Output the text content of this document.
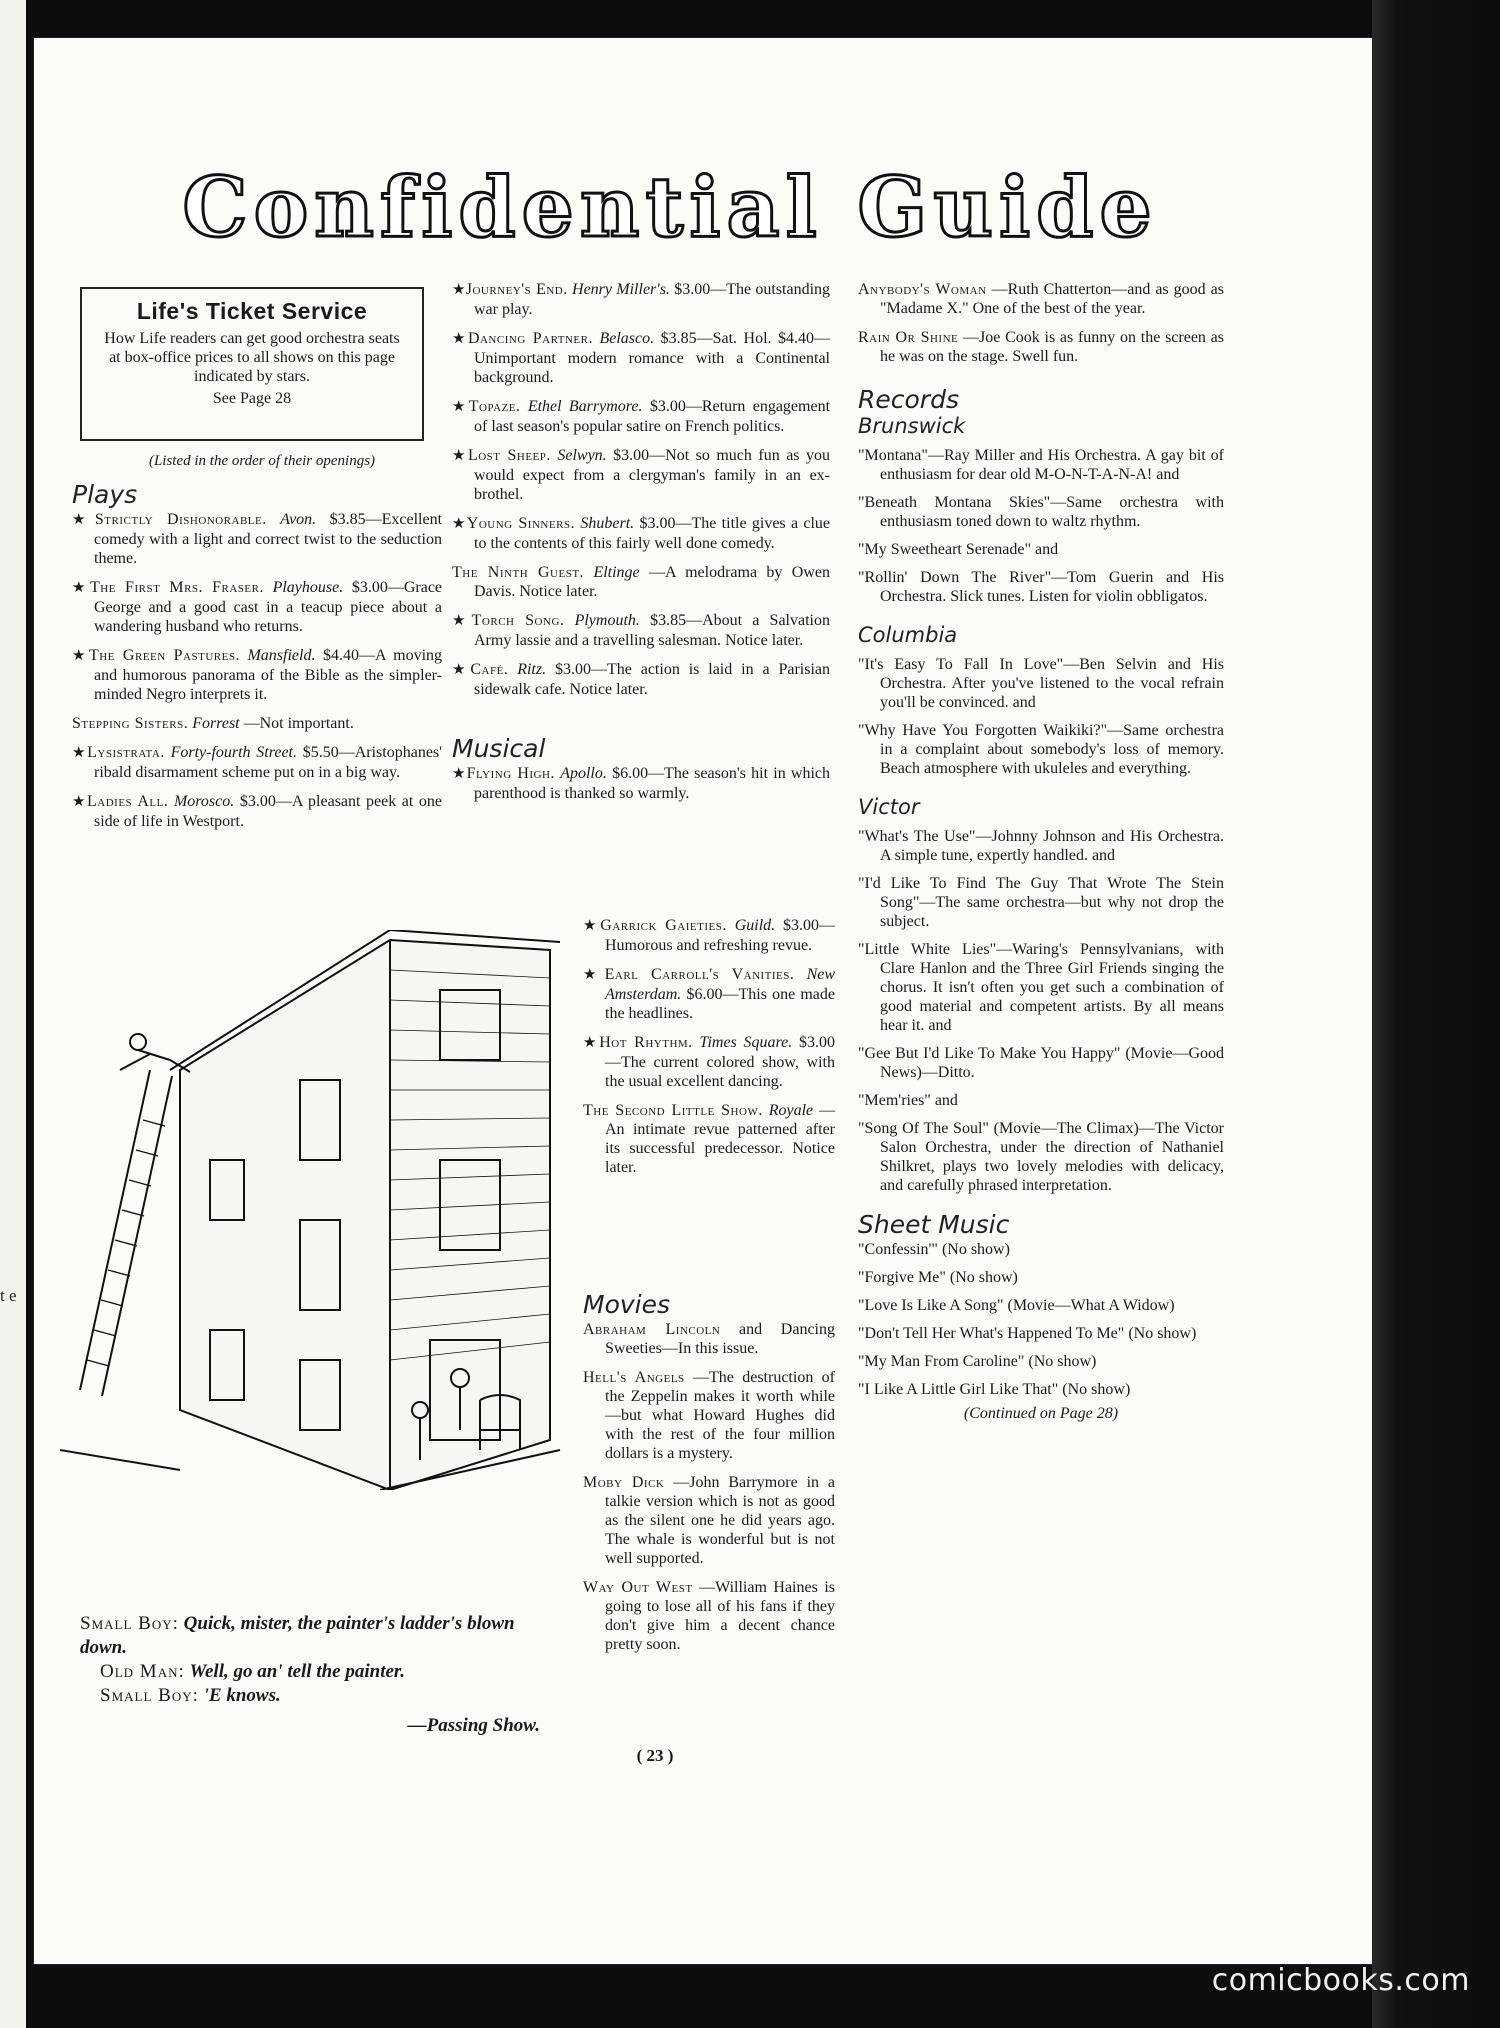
t e
Confidential Guide
Life's Ticket Service
How Life readers can get good orchestra seats at box-office prices to all shows on this page indicated by stars.
See Page 28
(Listed in the order of their openings)
Plays
★Strictly Dishonorable. Avon. $3.85—Excellent comedy with a light and correct twist to the seduction theme.
★The First Mrs. Fraser. Playhouse. $3.00—Grace George and a good cast in a teacup piece about a wandering husband who returns.
★The Green Pastures. Mansfield. $4.40—A moving and humorous panorama of the Bible as the simpler-minded Negro interprets it.
Stepping Sisters. Forrest —Not important.
★Lysistrata. Forty-fourth Street. $5.50—Aristophanes' ribald disarmament scheme put on in a big way.
★Ladies All. Morosco. $3.00—A pleasant peek at one side of life in Westport.
★Journey's End. Henry Miller's. $3.00—The outstanding war play.
★Dancing Partner. Belasco. $3.85—Sat. Hol. $4.40—Unimportant modern romance with a Continental background.
★Topaze. Ethel Barrymore. $3.00—Return engagement of last season's popular satire on French politics.
★Lost Sheep. Selwyn. $3.00—Not so much fun as you would expect from a clergyman's family in an ex-brothel.
★Young Sinners. Shubert. $3.00—The title gives a clue to the contents of this fairly well done comedy.
The Ninth Guest. Eltinge —A melodrama by Owen Davis. Notice later.
★Torch Song. Plymouth. $3.85—About a Salvation Army lassie and a travelling salesman. Notice later.
★Café. Ritz. $3.00—The action is laid in a Parisian sidewalk cafe. Notice later.
Musical
★Flying High. Apollo. $6.00—The season's hit in which parenthood is thanked so warmly.
★Garrick Gaieties. Guild. $3.00—Humorous and refreshing revue.
★Earl Carroll's Vanities. New Amsterdam. $6.00—This one made the headlines.
★Hot Rhythm. Times Square. $3.00—The current colored show, with the usual excellent dancing.
The Second Little Show. Royale —An intimate revue patterned after its successful predecessor. Notice later.
Movies
Abraham Lincoln and Dancing Sweeties—In this issue.
Hell's Angels —The destruction of the Zeppelin makes it worth while—but what Howard Hughes did with the rest of the four million dollars is a mystery.
Moby Dick —John Barrymore in a talkie version which is not as good as the silent one he did years ago. The whale is wonderful but is not well supported.
Way Out West —William Haines is going to lose all of his fans if they don't give him a decent chance pretty soon.
Anybody's Woman —Ruth Chatterton—and as good as "Madame X." One of the best of the year.
Rain Or Shine —Joe Cook is as funny on the screen as he was on the stage. Swell fun.
Records
Brunswick
"Montana"—Ray Miller and His Orchestra. A gay bit of enthusiasm for dear old M-O-N-T-A-N-A! and
"Beneath Montana Skies"—Same orchestra with enthusiasm toned down to waltz rhythm.
"My Sweetheart Serenade" and
"Rollin' Down The River"—Tom Guerin and His Orchestra. Slick tunes. Listen for violin obbligatos.
Columbia
"It's Easy To Fall In Love"—Ben Selvin and His Orchestra. After you've listened to the vocal refrain you'll be convinced. and
"Why Have You Forgotten Waikiki?"—Same orchestra in a complaint about somebody's loss of memory. Beach atmosphere with ukuleles and everything.
Victor
"What's The Use"—Johnny Johnson and His Orchestra. A simple tune, expertly handled. and
"I'd Like To Find The Guy That Wrote The Stein Song"—The same orchestra—but why not drop the subject.
"Little White Lies"—Waring's Pennsylvanians, with Clare Hanlon and the Three Girl Friends singing the chorus. It isn't often you get such a combination of good material and competent artists. By all means hear it. and
"Gee But I'd Like To Make You Happy" (Movie—Good News)—Ditto.
"Mem'ries" and
"Song Of The Soul" (Movie—The Climax)—The Victor Salon Orchestra, under the direction of Nathaniel Shilkret, plays two lovely melodies with delicacy, and carefully phrased interpretation.
Sheet Music
"Confessin'" (No show)
"Forgive Me" (No show)
"Love Is Like A Song" (Movie—What A Widow)
"Don't Tell Her What's Happened To Me" (No show)
"My Man From Caroline" (No show)
"I Like A Little Girl Like That" (No show)
(Continued on Page 28)
Small Boy: Quick, mister, the painter's ladder's blown down.
Old Man: Well, go an' tell the painter.
Small Boy: 'E knows.
—Passing Show.
( 23 )
comicbooks.com
